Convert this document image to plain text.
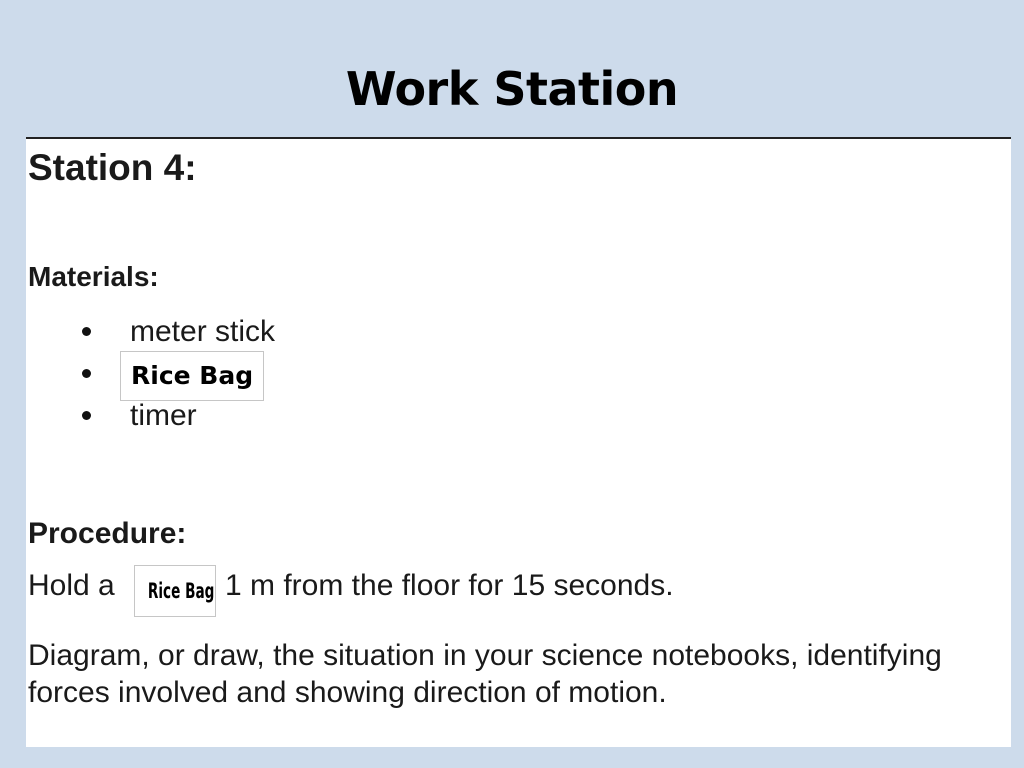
Work Station
Station 4:
Materials:
meter stick
Rice Bag
timer
Procedure:
Hold a	Rice Bag 1 m from the floor for 15 seconds.

Diagram, or draw, the situation in your science notebooks, identifying forces involved and showing direction of motion.
